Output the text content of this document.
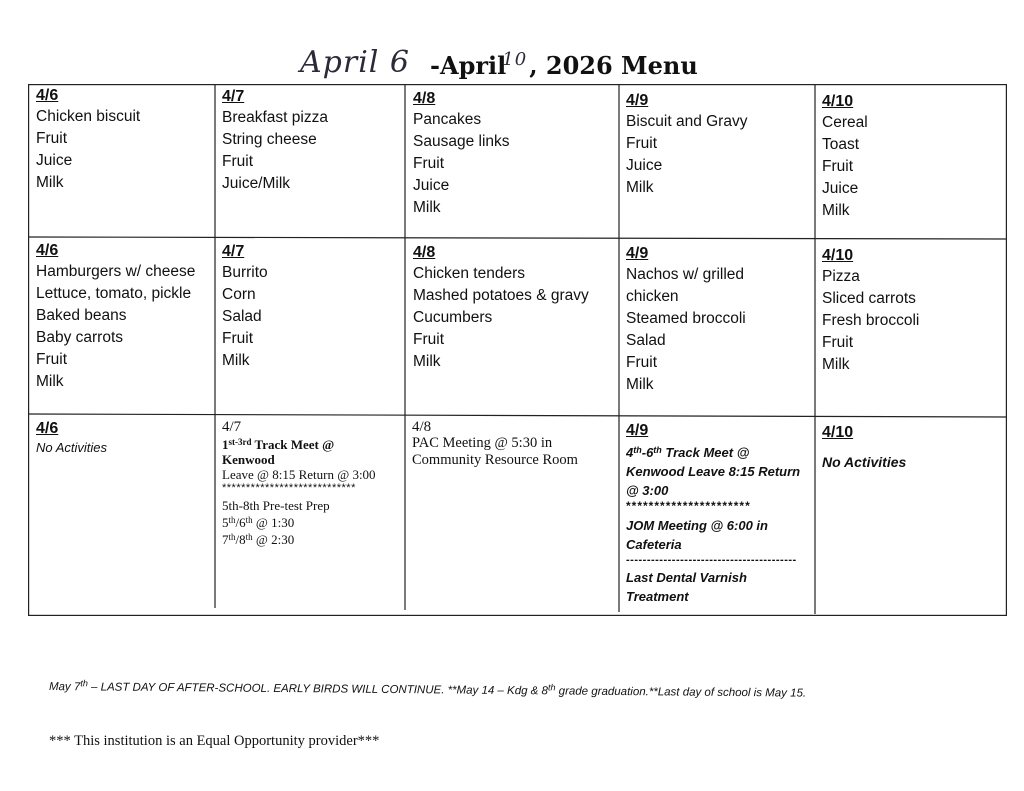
April 6 -April
10 , 2026 Menu
4/6
Chicken biscuit
Fruit
Juice
Milk
4/7
Breakfast pizza
String cheese
Fruit
Juice/Milk
4/8
Pancakes
Sausage links
Fruit
Juice
Milk
4/9
Biscuit and Gravy
Fruit
Juice
Milk
4/10
Cereal
Toast
Fruit
Juice
Milk
4/6
Hamburgers w/ cheese
Lettuce, tomato, pickle
Baked beans
Baby carrots
Fruit
Milk
4/7
Burrito
Corn
Salad
Fruit
Milk
4/8
Chicken tenders
Mashed potatoes & gravy
Cucumbers
Fruit
Milk
4/9
Nachos w/ grilled
chicken
Steamed broccoli
Salad
Fruit
Milk
4/10
Pizza
Sliced carrots
Fresh broccoli
Fruit
Milk
4/6
No Activities
4/7
$1^{st-3rd}$ Track Meet @
Kenwood
Leave @ 8:15 Return @ 3:00
****************************
5th-8th Pre-test Prep
5th/6th @ 1:30
7th/8th @ 2:30
4/8
PAC Meeting @ 5:30 in
Community Resource Room
4/9
4th-6th Track Meet @
Kenwood Leave 8:15 Return
@ 3:00
**********************
JOM Meeting @ 6:00 in
Cafeteria
-----------------------------------------
Last Dental Varnish
Treatment
4/10
No Activities
May 7th – LAST DAY OF AFTER-SCHOOL. EARLY BIRDS WILL CONTINUE. **May 14 – Kdg & 8th grade graduation.**Last day of school is May 15.
*** This institution is an Equal Opportunity provider***
